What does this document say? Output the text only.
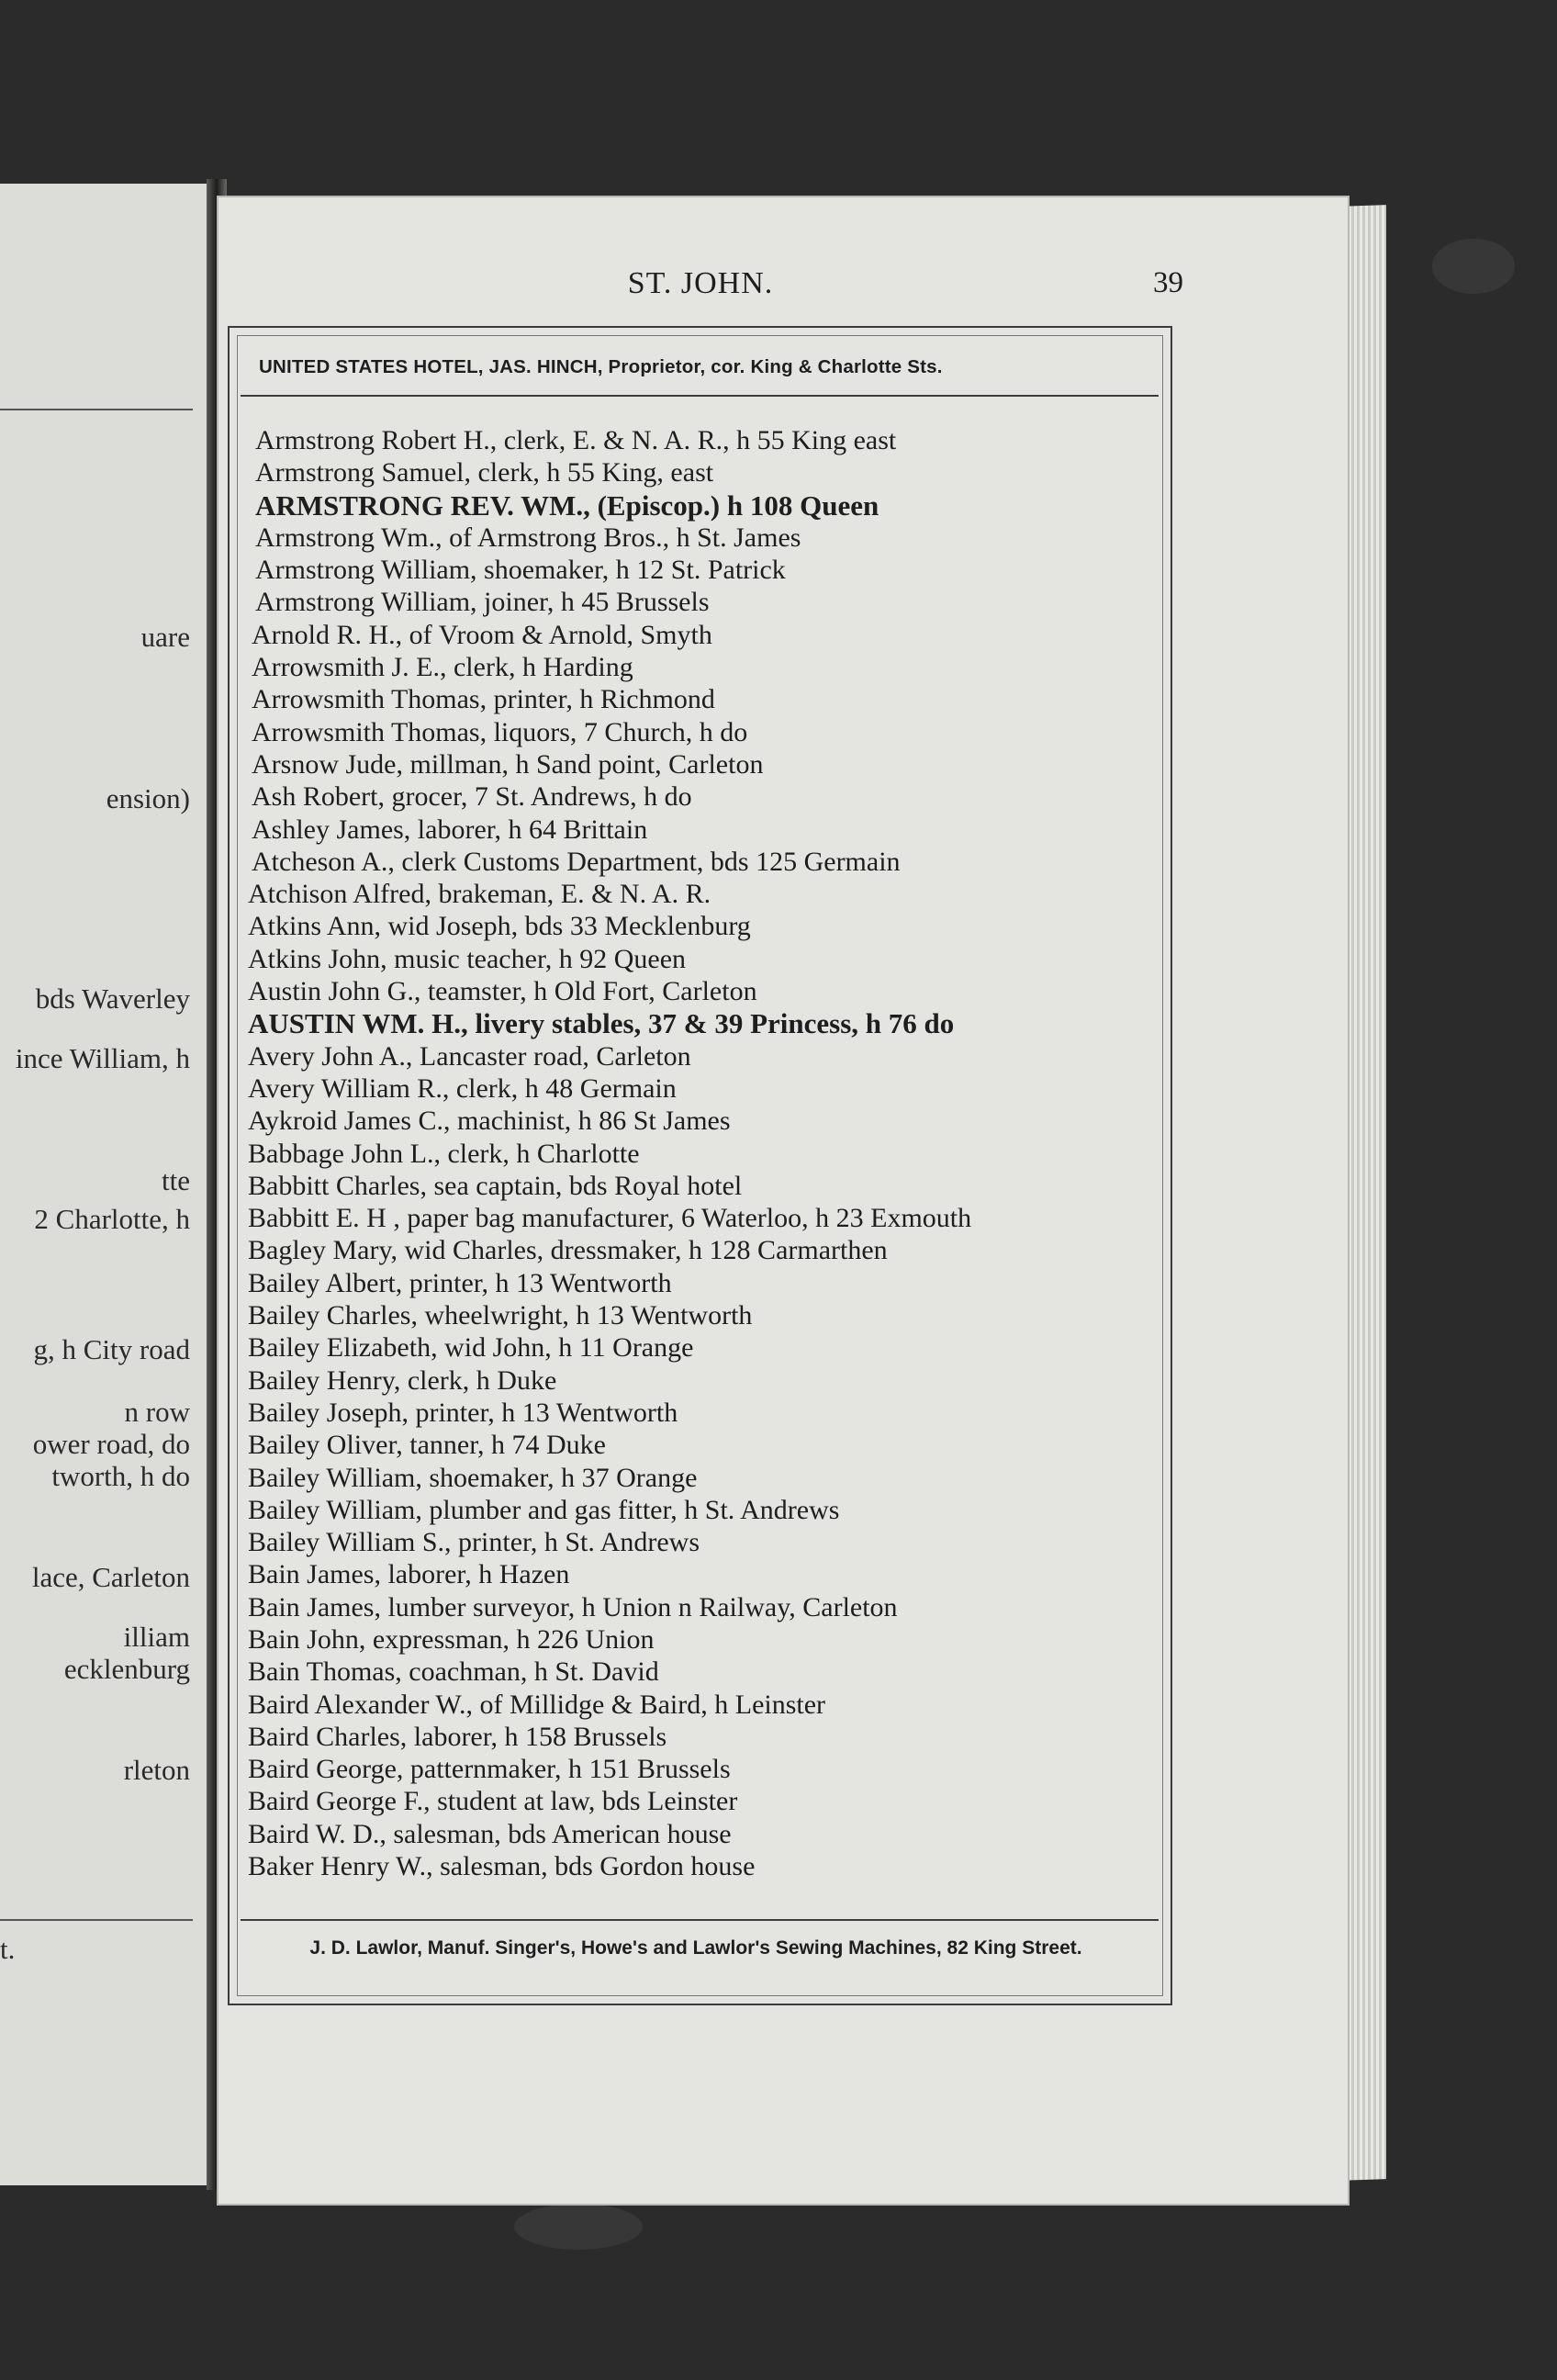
uare
ension)
bds Waverley
ince William, h
tte
2 Charlotte, h
g, h City road
n row
ower road, do
tworth, h do
lace, Carleton
illiam
ecklenburg
rleton
t.
ST. JOHN.	39
UNITED STATES HOTEL, JAS. HINCH, Proprietor, cor. King & Charlotte Sts.
Armstrong Robert H., clerk, E. & N. A. R., h 55 King east
Armstrong Samuel, clerk, h 55 King, east
ARMSTRONG REV. WM., (Episcop.) h 108 Queen
Armstrong Wm., of Armstrong Bros., h St. James
Armstrong William, shoemaker, h 12 St. Patrick
Armstrong William, joiner, h 45 Brussels
Arnold R. H., of Vroom & Arnold, Smyth
Arrowsmith J. E., clerk, h Harding
Arrowsmith Thomas, printer, h Richmond
Arrowsmith Thomas, liquors, 7 Church, h do
Arsnow Jude, millman, h Sand point, Carleton
Ash Robert, grocer, 7 St. Andrews, h do
Ashley James, laborer, h 64 Brittain
Atcheson A., clerk Customs Department, bds 125 Germain
Atchison Alfred, brakeman, E. & N. A. R.
Atkins Ann, wid Joseph, bds 33 Mecklenburg
Atkins John, music teacher, h 92 Queen
Austin John G., teamster, h Old Fort, Carleton
AUSTIN WM. H., livery stables, 37 & 39 Princess, h 76 do
Avery John A., Lancaster road, Carleton
Avery William R., clerk, h 48 Germain
Aykroid James C., machinist, h 86 St James
Babbage John L., clerk, h Charlotte
Babbitt Charles, sea captain, bds Royal hotel
Babbitt E. H , paper bag manufacturer, 6 Waterloo, h 23 Exmouth
Bagley Mary, wid Charles, dressmaker, h 128 Carmarthen
Bailey Albert, printer, h 13 Wentworth
Bailey Charles, wheelwright, h 13 Wentworth
Bailey Elizabeth, wid John, h 11 Orange
Bailey Henry, clerk, h Duke
Bailey Joseph, printer, h 13 Wentworth
Bailey Oliver, tanner, h 74 Duke
Bailey William, shoemaker, h 37 Orange
Bailey William, plumber and gas fitter, h St. Andrews
Bailey William S., printer, h St. Andrews
Bain James, laborer, h Hazen
Bain James, lumber surveyor, h Union n Railway, Carleton
Bain John, expressman, h 226 Union
Bain Thomas, coachman, h St. David
Baird Alexander W., of Millidge & Baird, h Leinster
Baird Charles, laborer, h 158 Brussels
Baird George, patternmaker, h 151 Brussels
Baird George F., student at law, bds Leinster
Baird W. D., salesman, bds American house
Baker Henry W., salesman, bds Gordon house
J. D. Lawlor, Manuf. Singer's, Howe's and Lawlor's Sewing Machines, 82 King Street.
